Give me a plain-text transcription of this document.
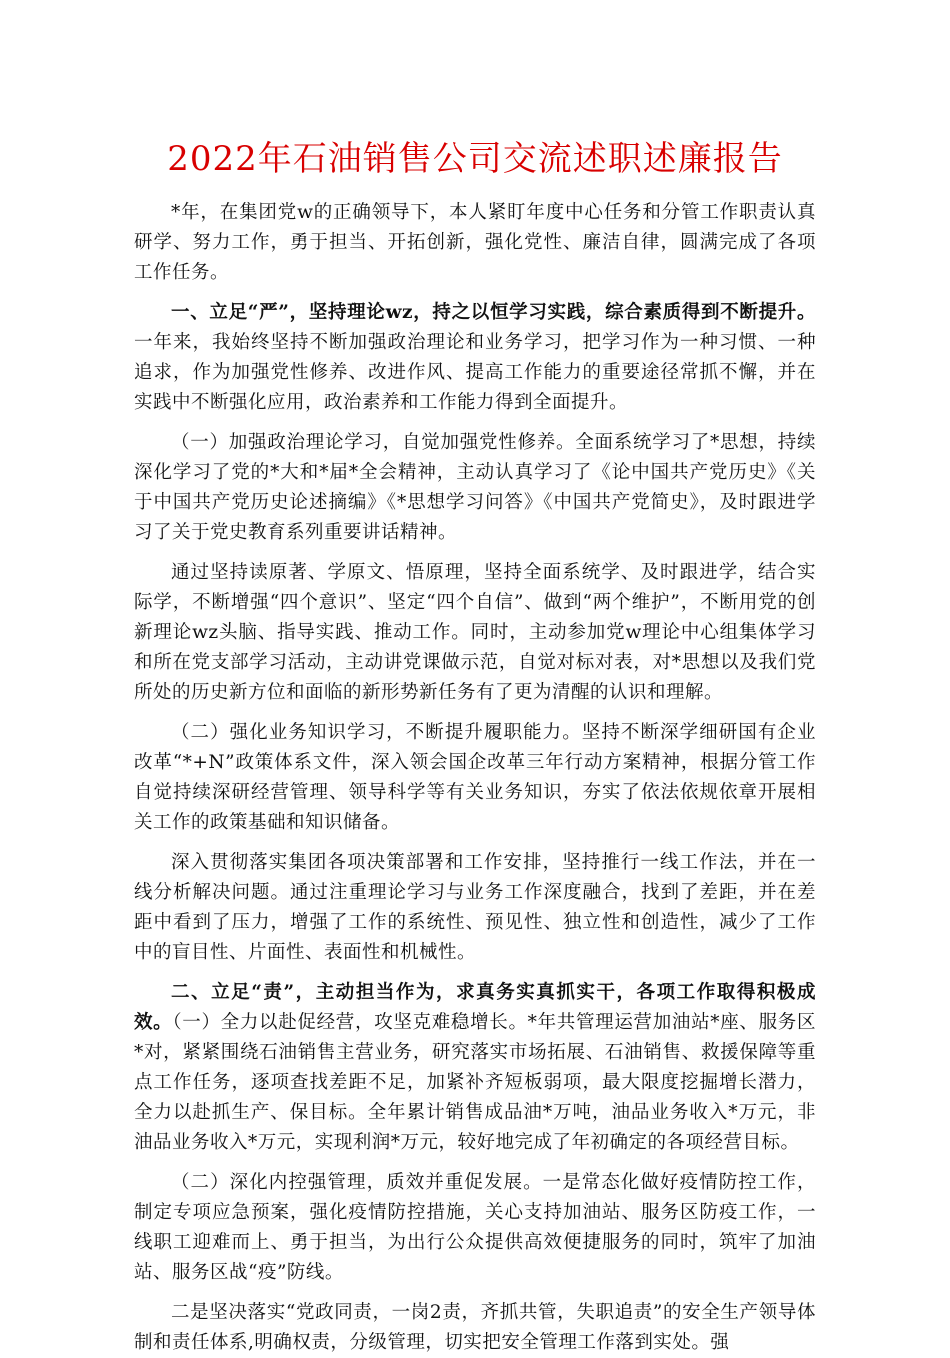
2022年石油销售公司交流述职述廉报告

*年，在集团党w的正确领导下，本人紧盯年度中心任务和分管工作职责认真研学、努力工作，勇于担当、开拓创新，强化党性、廉洁自律，圆满完成了各项工作任务。

一、立足“严”，坚持理论wz，持之以恒学习实践，综合素质得到不断提升。一年来，我始终坚持不断加强政治理论和业务学习，把学习作为一种习惯、一种追求，作为加强党性修养、改进作风、提高工作能力的重要途径常抓不懈，并在实践中不断强化应用，政治素养和工作能力得到全面提升。

（一）加强政治理论学习，自觉加强党性修养。全面系统学习了*思想，持续深化学习了党的*大和*届*全会精神，主动认真学习了《论中国共产党历史》《关于中国共产党历史论述摘编》《*思想学习问答》《中国共产党简史》，及时跟进学习了关于党史教育系列重要讲话精神。

通过坚持读原著、学原文、悟原理，坚持全面系统学、及时跟进学，结合实际学，不断增强“四个意识”、坚定“四个自信”、做到“两个维护”，不断用党的创新理论wz头脑、指导实践、推动工作。同时，主动参加党w理论中心组集体学习和所在党支部学习活动，主动讲党课做示范，自觉对标对表，对*思想以及我们党所处的历史新方位和面临的新形势新任务有了更为清醒的认识和理解。

（二）强化业务知识学习，不断提升履职能力。坚持不断深学细研国有企业改革“*+N”政策体系文件，深入领会国企改革三年行动方案精神，根据分管工作自觉持续深研经营管理、领导科学等有关业务知识，夯实了依法依规依章开展相关工作的政策基础和知识储备。

深入贯彻落实集团各项决策部署和工作安排，坚持推行一线工作法，并在一线分析解决问题。通过注重理论学习与业务工作深度融合，找到了差距，并在差距中看到了压力，增强了工作的系统性、预见性、独立性和创造性，减少了工作中的盲目性、片面性、表面性和机械性。

二、立足“责”，主动担当作为，求真务实真抓实干，各项工作取得积极成效。（一）全力以赴促经营，攻坚克难稳增长。*年共管理运营加油站*座、服务区*对，紧紧围绕石油销售主营业务，研究落实市场拓展、石油销售、救援保障等重点工作任务，逐项查找差距不足，加紧补齐短板弱项，最大限度挖掘增长潜力，全力以赴抓生产、保目标。全年累计销售成品油*万吨，油品业务收入*万元，非油品业务收入*万元，实现利润*万元，较好地完成了年初确定的各项经营目标。

（二）深化内控强管理，质效并重促发展。一是常态化做好疫情防控工作，制定专项应急预案，强化疫情防控措施，关心支持加油站、服务区防疫工作，一线职工迎难而上、勇于担当，为出行公众提供高效便捷服务的同时，筑牢了加油站、服务区战“疫”防线。

二是坚决落实“党政同责，一岗2责，齐抓共管，失职追责”的安全生产领导体制和责任体系,明确权责，分级管理，切实把安全管理工作落到实处。强
